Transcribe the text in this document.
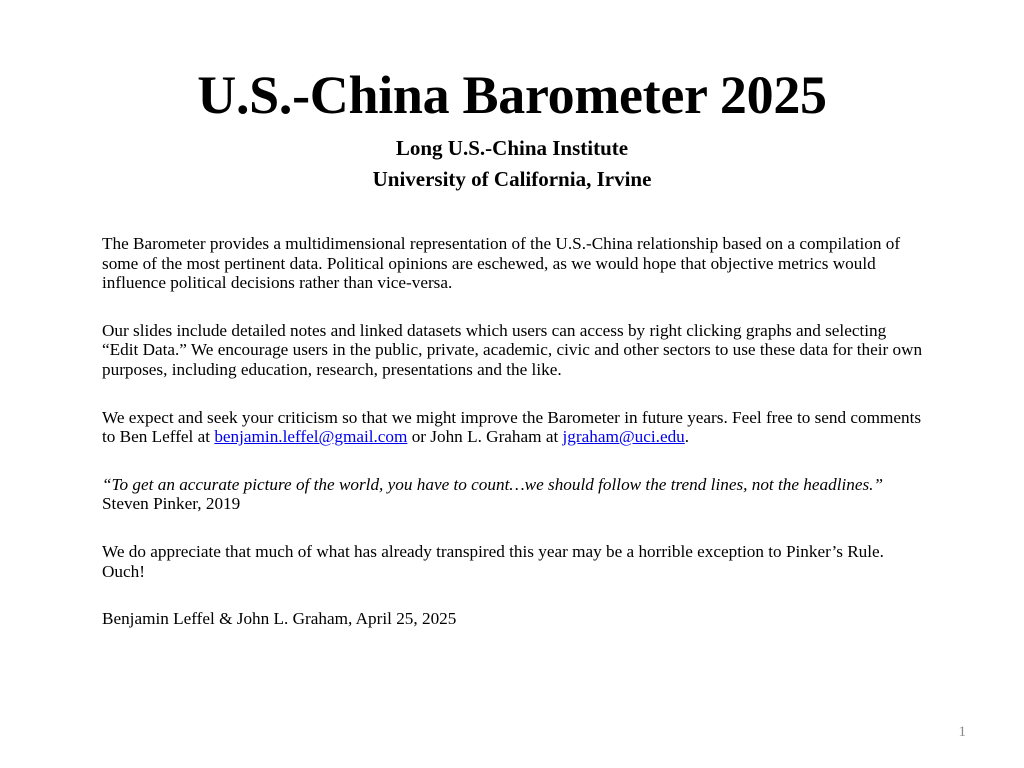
U.S.-China Barometer 2025
Long U.S.-China Institute
University of California, Irvine

The Barometer provides a multidimensional representation of the U.S.-China relationship based on a compilation of some of the most pertinent data. Political opinions are eschewed, as we would hope that objective metrics would influence political decisions rather than vice-versa.

Our slides include detailed notes and linked datasets which users can access by right clicking graphs and selecting “Edit Data.” We encourage users in the public, private, academic, civic and other sectors to use these data for their own purposes, including education, research, presentations and the like.

We expect and seek your criticism so that we might improve the Barometer in future years. Feel free to send comments to Ben Leffel at benjamin.leffel@gmail.com or John L. Graham at jgraham@uci.edu.

“To get an accurate picture of the world, you have to count…we should follow the trend lines, not the headlines.” Steven Pinker, 2019

We do appreciate that much of what has already transpired this year may be a horrible exception to Pinker’s Rule. Ouch!

Benjamin Leffel & John L. Graham, April 25, 2025

1
